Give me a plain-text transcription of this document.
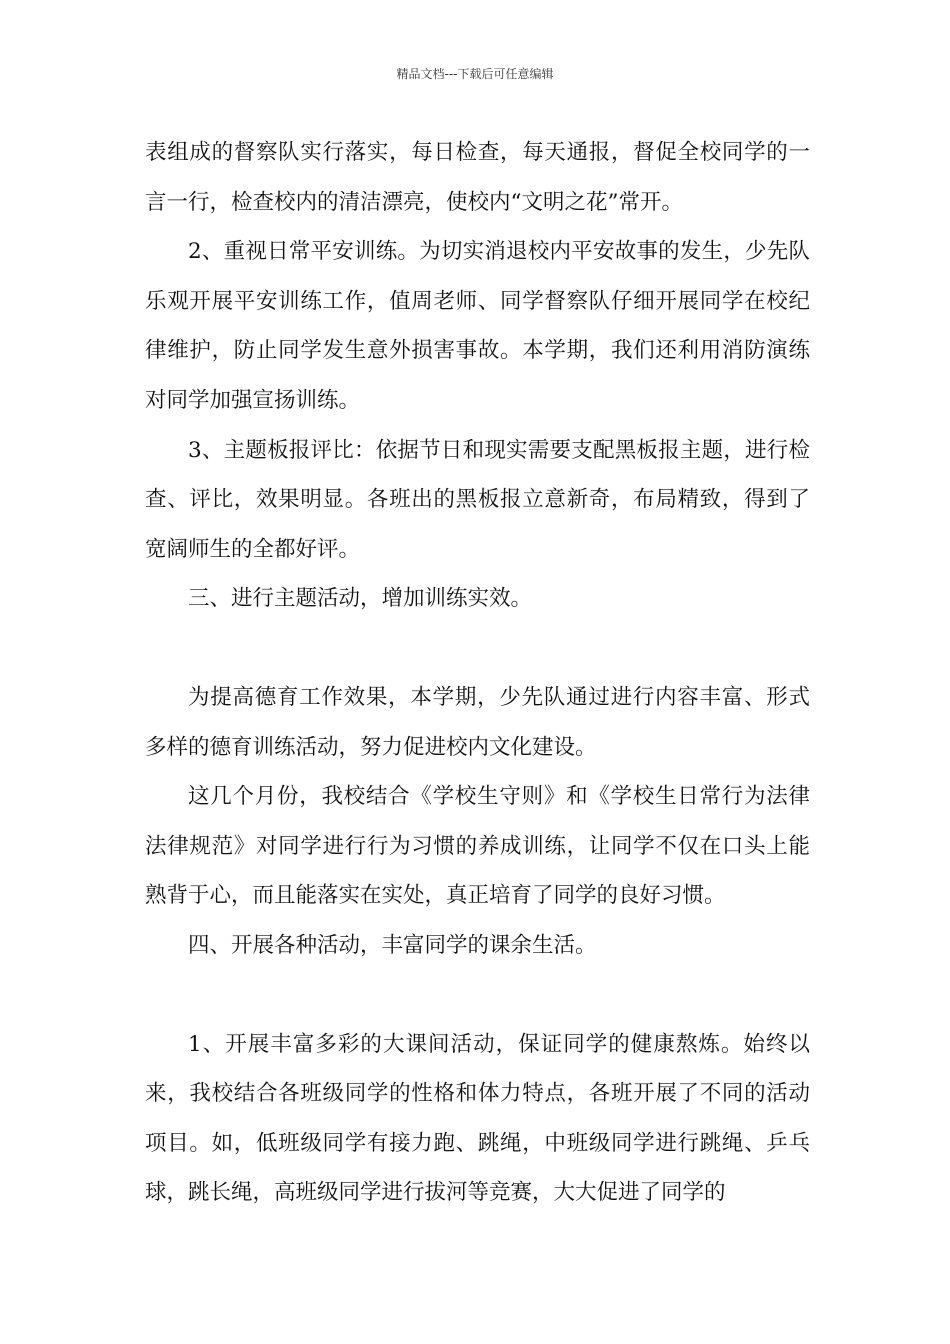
精品文档---下载后可任意编辑

表组成的督察队实行落实，每日检查，每天通报，督促全校同学的一言一行，检查校内的清洁漂亮，使校内“文明之花”常开。

2、重视日常平安训练。为切实消退校内平安故事的发生，少先队乐观开展平安训练工作，值周老师、同学督察队仔细开展同学在校纪律维护，防止同学发生意外损害事故。本学期，我们还利用消防演练对同学加强宣扬训练。

3、主题板报评比：依据节日和现实需要支配黑板报主题，进行检查、评比，效果明显。各班出的黑板报立意新奇，布局精致，得到了宽阔师生的全都好评。

三、进行主题活动，增加训练实效。

为提高德育工作效果，本学期，少先队通过进行内容丰富、形式多样的德育训练活动，努力促进校内文化建设。

这几个月份，我校结合《学校生守则》和《学校生日常行为法律法律规范》对同学进行行为习惯的养成训练，让同学不仅在口头上能熟背于心，而且能落实在实处，真正培育了同学的良好习惯。

四、开展各种活动，丰富同学的课余生活。

1、开展丰富多彩的大课间活动，保证同学的健康熬炼。始终以来，我校结合各班级同学的性格和体力特点，各班开展了不同的活动项目。如，低班级同学有接力跑、跳绳，中班级同学进行跳绳、乒乓球，跳长绳，高班级同学进行拔河等竞赛，大大促进了同学的
